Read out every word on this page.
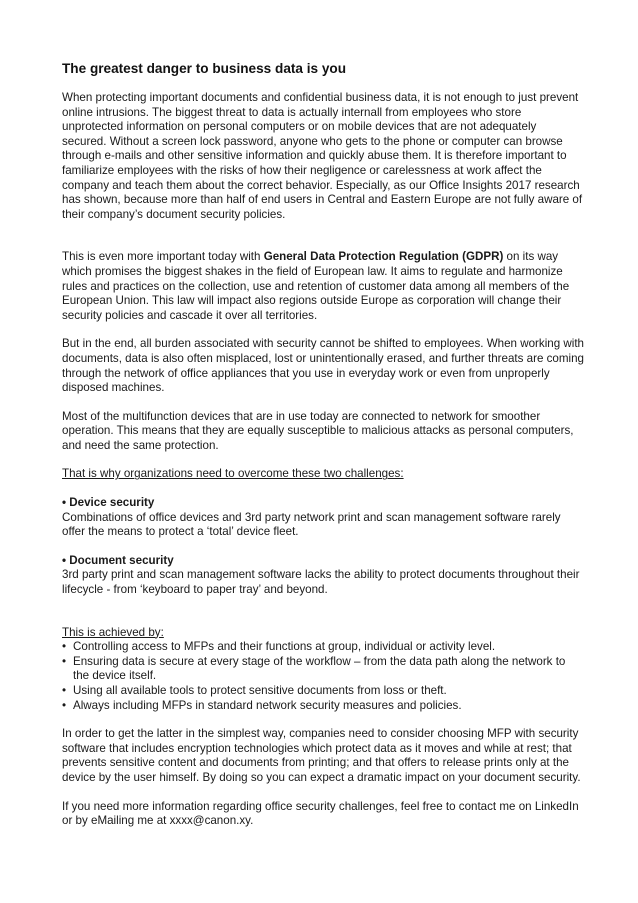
The greatest danger to business data is you

When protecting important documents and confidential business data, it is not enough to just prevent online intrusions. The biggest threat to data is actually internall from employees who store unprotected information on personal computers or on mobile devices that are not adequately secured. Without a screen lock password, anyone who gets to the phone or computer can browse through e-mails and other sensitive information and quickly abuse them. It is therefore important to familiarize employees with the risks of how their negligence or carelessness at work affect the company and teach them about the correct behavior. Especially, as our Office Insights 2017 research has shown, because more than half of end users in Central and Eastern Europe are not fully aware of their company’s document security policies.

This is even more important today with General Data Protection Regulation (GDPR) on its way which promises the biggest shakes in the field of European law. It aims to regulate and harmonize rules and practices on the collection, use and retention of customer data among all members of the European Union. This law will impact also regions outside Europe as corporation will change their security policies and cascade it over all territories.

But in the end, all burden associated with security cannot be shifted to employees. When working with documents, data is also often misplaced, lost or unintentionally erased, and further threats are coming through the network of office appliances that you use in everyday work or even from unproperly disposed machines.

Most of the multifunction devices that are in use today are connected to network for smoother operation. This means that they are equally susceptible to malicious attacks as personal computers, and need the same protection.

That is why organizations need to overcome these two challenges:

• Device security

Combinations of office devices and 3rd party network print and scan management software rarely offer the means to protect a ‘total’ device fleet.

• Document security

3rd party print and scan management software lacks the ability to protect documents throughout their lifecycle - from ‘keyboard to paper tray’ and beyond.

This is achieved by:

• Controlling access to MFPs and their functions at group, individual or activity level.
• Ensuring data is secure at every stage of the workflow – from the data path along the network to the device itself.
• Using all available tools to protect sensitive documents from loss or theft.
• Always including MFPs in standard network security measures and policies.

In order to get the latter in the simplest way, companies need to consider choosing MFP with security software that includes encryption technologies which protect data as it moves and while at rest; that prevents sensitive content and documents from printing; and that offers to release prints only at the device by the user himself. By doing so you can expect a dramatic impact on your document security.

If you need more information regarding office security challenges, feel free to contact me on LinkedIn or by eMailing me at xxxx@canon.xy.
